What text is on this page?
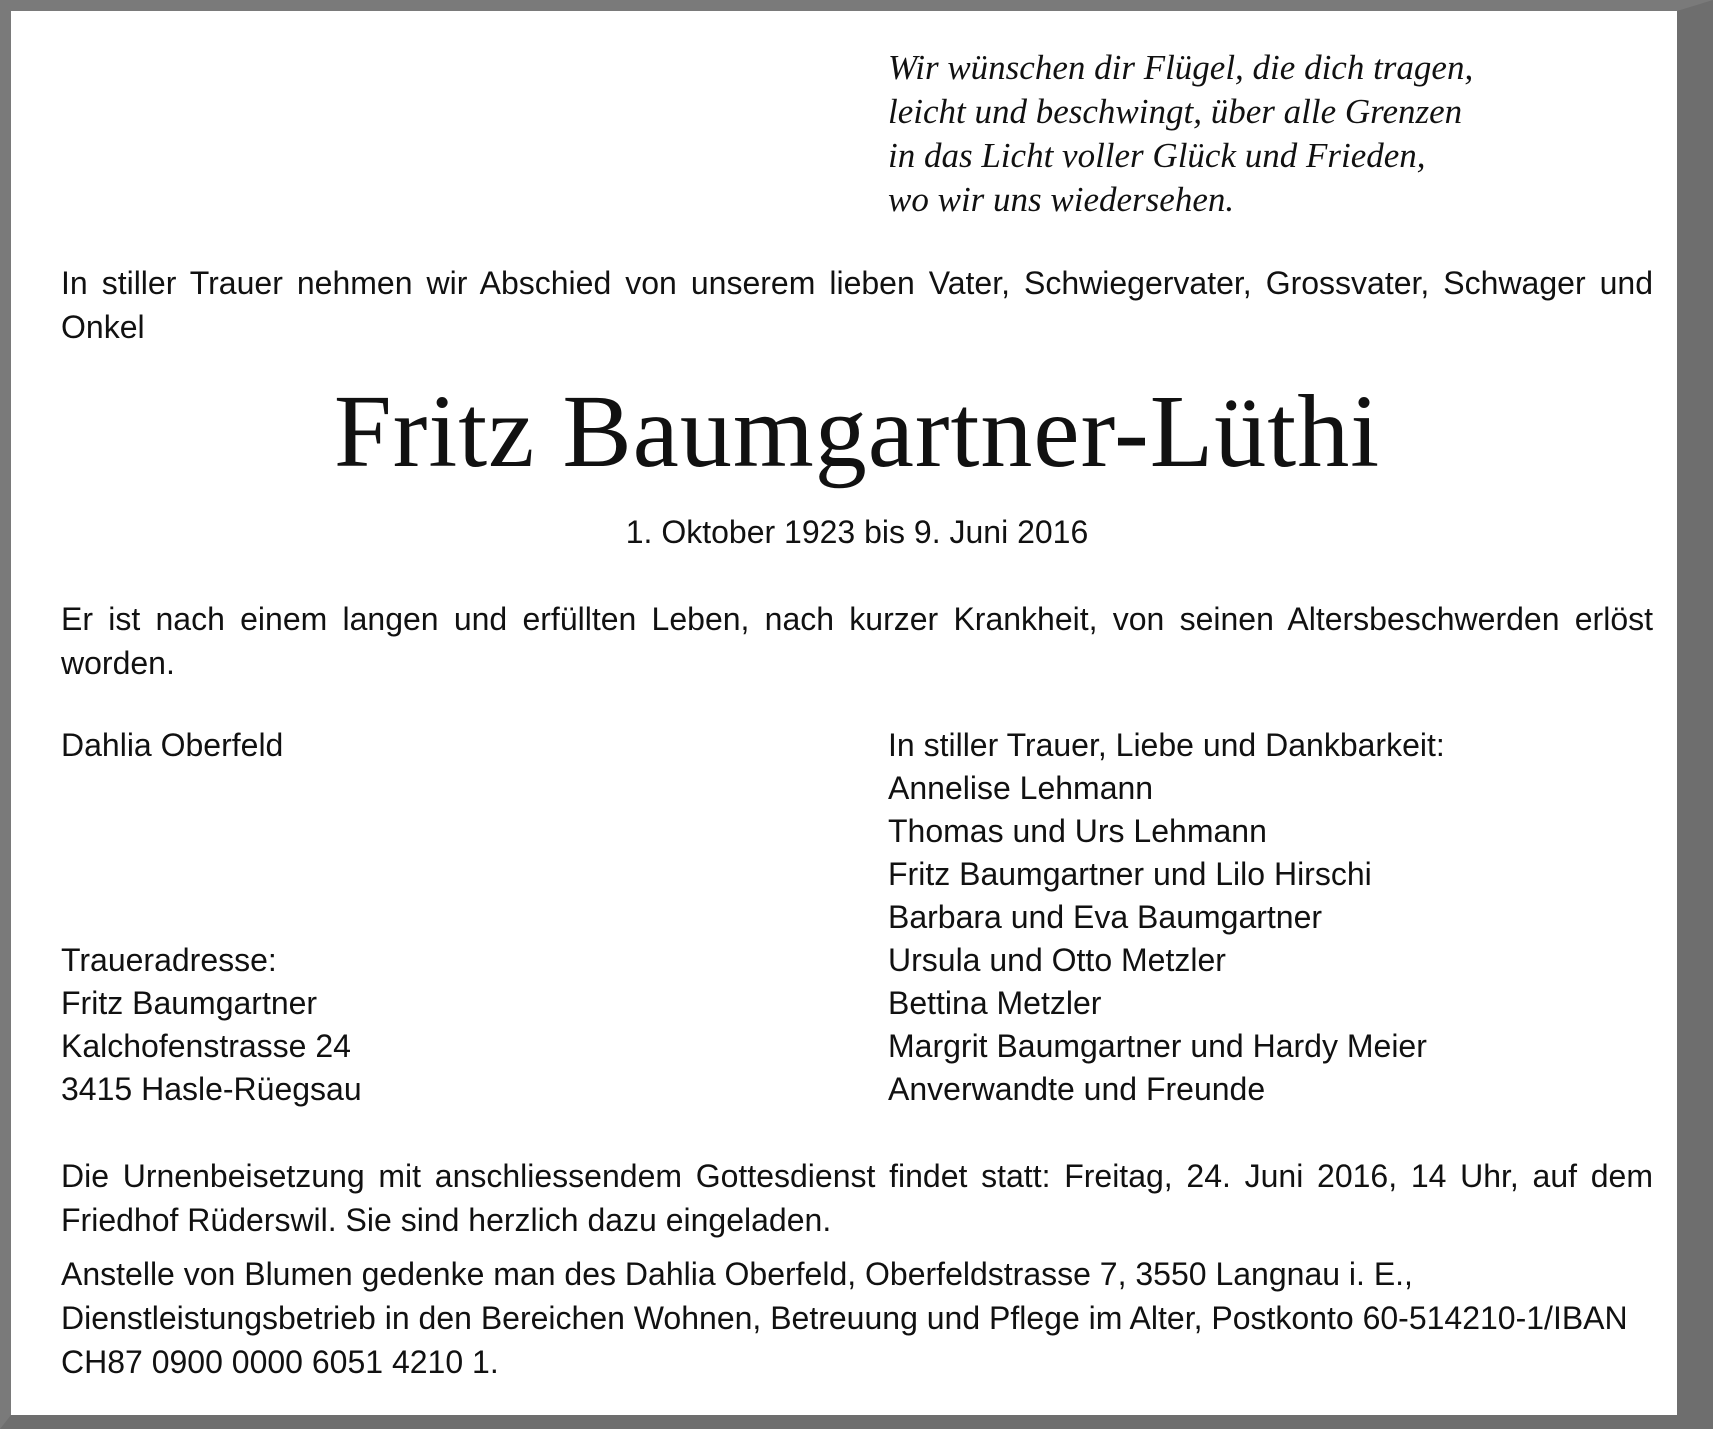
Wir wünschen dir Flügel, die dich tragen,
leicht und beschwingt, über alle Grenzen
in das Licht voller Glück und Frieden,
wo wir uns wiedersehen.
In stiller Trauer nehmen wir Abschied von unserem lieben Vater, Schwiegervater, Grossvater, Schwager und Onkel
Fritz Baumgartner-Lüthi
1. Oktober 1923 bis 9. Juni 2016
Er ist nach einem langen und erfüllten Leben, nach kurzer Krankheit, von seinen Altersbeschwerden erlöst worden.
Dahlia Oberfeld
Traueradresse:
Fritz Baumgartner
Kalchofenstrasse 24
3415 Hasle-Rüegsau
In stiller Trauer, Liebe und Dankbarkeit:
Annelise Lehmann
Thomas und Urs Lehmann
Fritz Baumgartner und Lilo Hirschi
Barbara und Eva Baumgartner
Ursula und Otto Metzler
Bettina Metzler
Margrit Baumgartner und Hardy Meier
Anverwandte und Freunde
Die Urnenbeisetzung mit anschliessendem Gottesdienst findet statt: Freitag, 24. Juni 2016, 14 Uhr, auf dem Friedhof Rüderswil. Sie sind herzlich dazu eingeladen.
Anstelle von Blumen gedenke man des Dahlia Oberfeld, Oberfeldstrasse 7, 3550 Langnau i. E., Dienstleistungsbetrieb in den Bereichen Wohnen, Betreuung und Pflege im Alter, Postkonto 60-514210-1/IBAN CH87 0900 0000 6051 4210 1.
